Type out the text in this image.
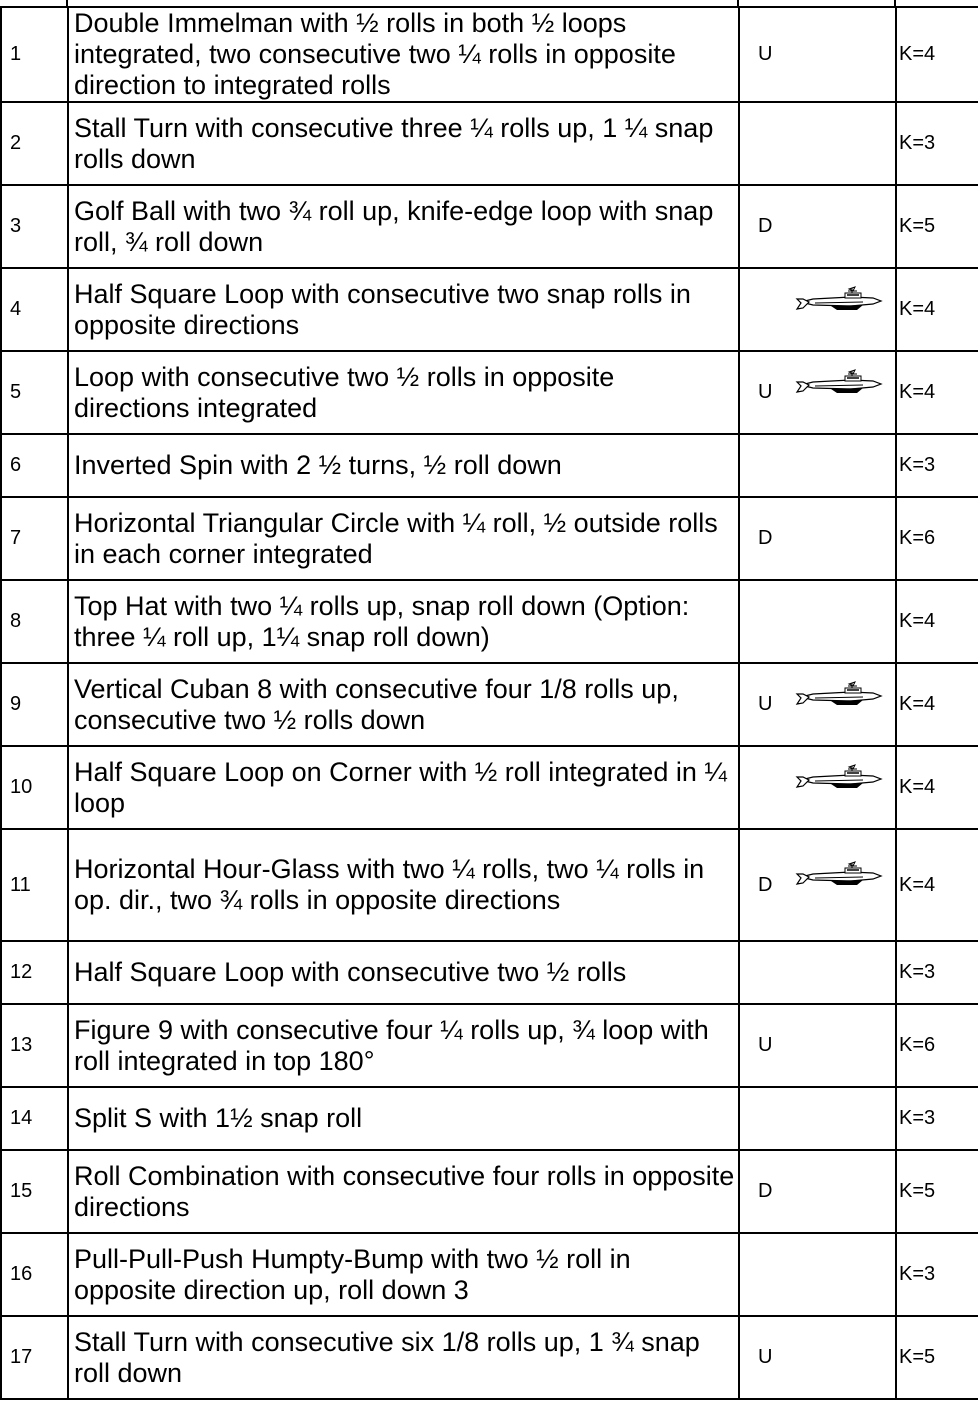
1	Double Immelman with ½ rolls in both ½ loops integrated, two consecutive two ¼ rolls in opposite direction to integrated rolls	U	K=4
2	Stall Turn with consecutive three ¼ rolls up, 1 ¼ snap rolls down		K=3
3	Golf Ball with two ¾ roll up, knife-edge loop with snap roll, ¾ roll down	D	K=5
4	Half Square Loop with consecutive two snap rolls in opposite directions		K=4
5	Loop with consecutive two ½ rolls in opposite directions integrated	U	K=4
6	Inverted Spin with 2 ½ turns, ½ roll down		K=3
7	Horizontal Triangular Circle with ¼ roll, ½ outside rolls in each corner integrated	D	K=6
8	Top Hat with two ¼ rolls up, snap roll down (Option: three ¼ roll up, 1¼ snap roll down)		K=4
9	Vertical Cuban 8 with consecutive four 1/8 rolls up, consecutive two ½ rolls down	U	K=4
10	Half Square Loop on Corner with ½ roll integrated in ¼ loop		K=4
11	Horizontal Hour-Glass with two ¼ rolls, two ¼ rolls in op. dir., two ¾ rolls in opposite directions	D	K=4
12	Half Square Loop with consecutive two ½ rolls		K=3
13	Figure 9 with consecutive four ¼ rolls up, ¾ loop with roll integrated in top 180°	U	K=6
14	Split S with 1½ snap roll		K=3
15	Roll Combination with consecutive four rolls in opposite directions	D	K=5
16	Pull-Pull-Push Humpty-Bump with two ½ roll in opposite direction up, roll down 3		K=3
17	Stall Turn with consecutive six 1/8 rolls up, 1 ¾ snap roll down	U	K=5
